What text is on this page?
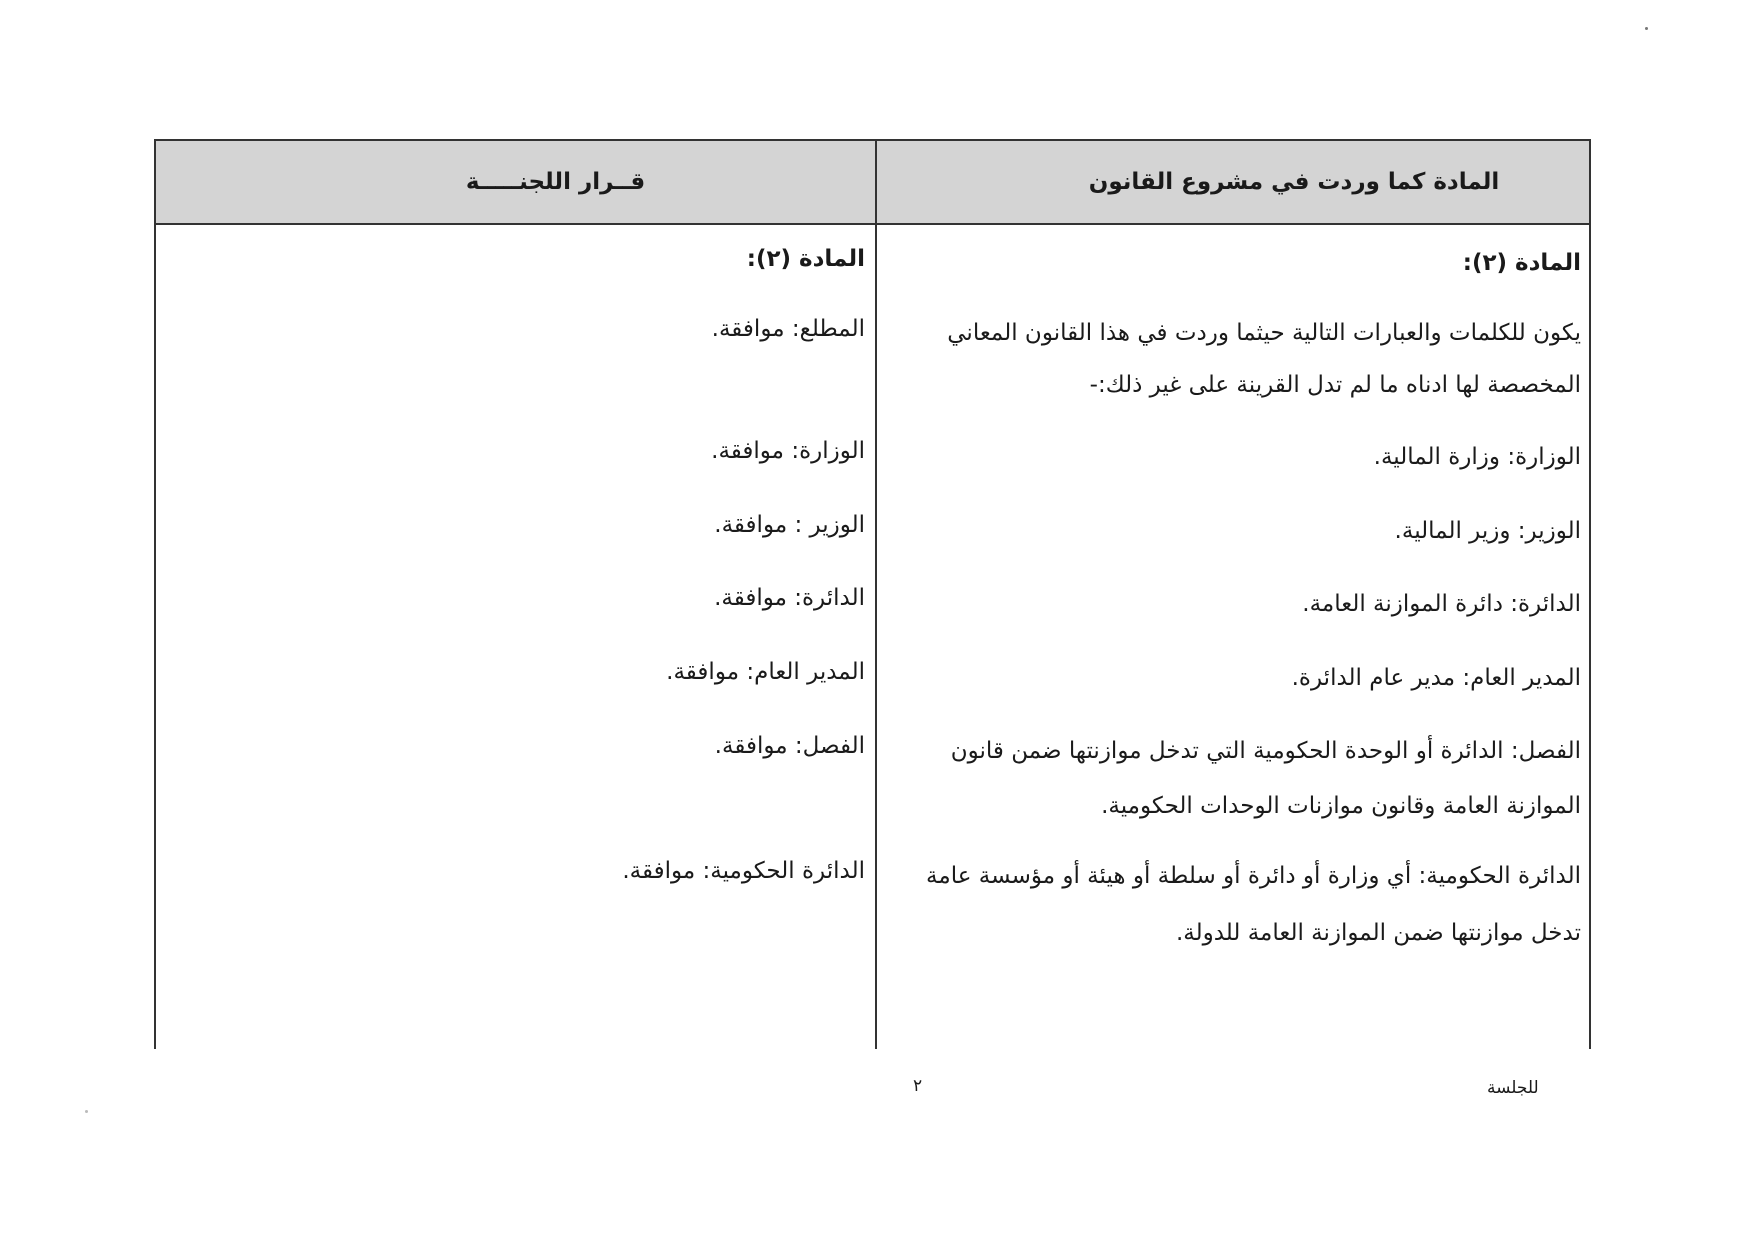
المادة كما وردت في مشروع القانون
قــرار اللجنـــــة
المادة (٢):
يكون للكلمات والعبارات التالية حيثما وردت في هذا القانون المعاني
المخصصة لها ادناه ما لم تدل القرينة على غير ذلك:-
الوزارة: وزارة المالية.
الوزير: وزير المالية.
الدائرة: دائرة الموازنة العامة.
المدير العام: مدير عام الدائرة.
الفصل: الدائرة أو الوحدة الحكومية التي تدخل موازنتها ضمن قانون
الموازنة العامة وقانون موازنات الوحدات الحكومية.
الدائرة الحكومية: أي وزارة أو دائرة أو سلطة أو هيئة أو مؤسسة عامة
تدخل موازنتها ضمن الموازنة العامة للدولة.
المادة (٢):
المطلع: موافقة.
الوزارة: موافقة.
الوزير : موافقة.
الدائرة: موافقة.
المدير العام: موافقة.
الفصل: موافقة.
الدائرة الحكومية: موافقة.
٢	للجلسة
